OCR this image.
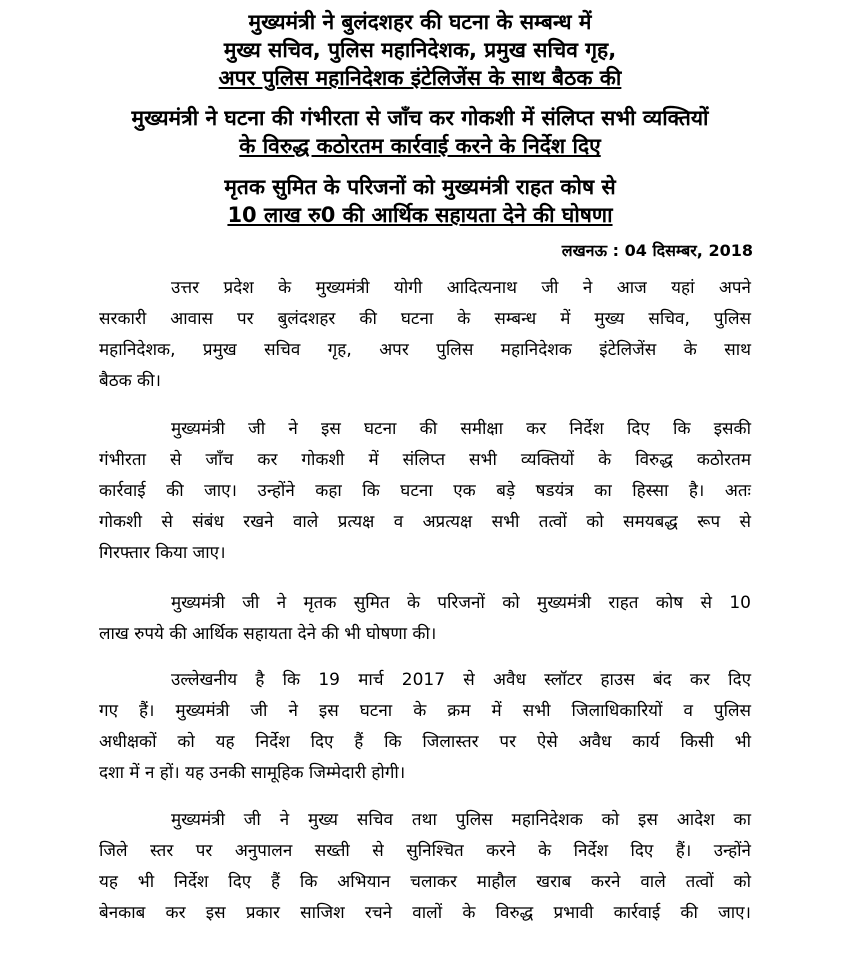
मुख्यमंत्री ने बुलंदशहर की घटना के सम्बन्ध में
मुख्य सचिव, पुलिस महानिदेशक, प्रमुख सचिव गृह,
अपर पुलिस महानिदेशक इंटेलिजेंस के साथ बैठक की
मुख्यमंत्री ने घटना की गंभीरता से जाँच कर गोकशी में संलिप्त सभी व्यक्तियों
के विरुद्ध कठोरतम कार्रवाई करने के निर्देश दिए
मृतक सुमित के परिजनों को मुख्यमंत्री राहत कोष से
10 लाख रु0 की आर्थिक सहायता देने की घोषणा
लखनऊ : 04 दिसम्बर, 2018
उत्तर प्रदेश के मुख्यमंत्री योगी आदित्यनाथ जी ने आज यहां अपने
सरकारी आवास पर बुलंदशहर की घटना के सम्बन्ध में मुख्य सचिव, पुलिस
महानिदेशक, प्रमुख सचिव गृह, अपर पुलिस महानिदेशक इंटेलिजेंस के साथ
बैठक की।
मुख्यमंत्री जी ने इस घटना की समीक्षा कर निर्देश दिए कि इसकी
गंभीरता से जाँच कर गोकशी में संलिप्त सभी व्यक्तियों के विरुद्ध कठोरतम
कार्रवाई की जाए। उन्होंने कहा कि घटना एक बड़े षडयंत्र का हिस्सा है। अतः
गोकशी से संबंध रखने वाले प्रत्यक्ष व अप्रत्यक्ष सभी तत्वों को समयबद्ध रूप से
गिरफ्तार किया जाए।
मुख्यमंत्री जी ने मृतक सुमित के परिजनों को मुख्यमंत्री राहत कोष से 10
लाख रुपये की आर्थिक सहायता देने की भी घोषणा की।
उल्लेखनीय है कि 19 मार्च 2017 से अवैध स्लॉटर हाउस बंद कर दिए
गए हैं। मुख्यमंत्री जी ने इस घटना के क्रम में सभी जिलाधिकारियों व पुलिस
अधीक्षकों को यह निर्देश दिए हैं कि जिलास्तर पर ऐसे अवैध कार्य किसी भी
दशा में न हों। यह उनकी सामूहिक जिम्मेदारी होगी।
मुख्यमंत्री जी ने मुख्य सचिव तथा पुलिस महानिदेशक को इस आदेश का
जिले स्तर पर अनुपालन सख्ती से सुनिश्चित करने के निर्देश दिए हैं। उन्होंने
यह भी निर्देश दिए हैं कि अभियान चलाकर माहौल खराब करने वाले तत्वों को
बेनकाब कर इस प्रकार साजिश रचने वालों के विरुद्ध प्रभावी कार्रवाई की जाए।
